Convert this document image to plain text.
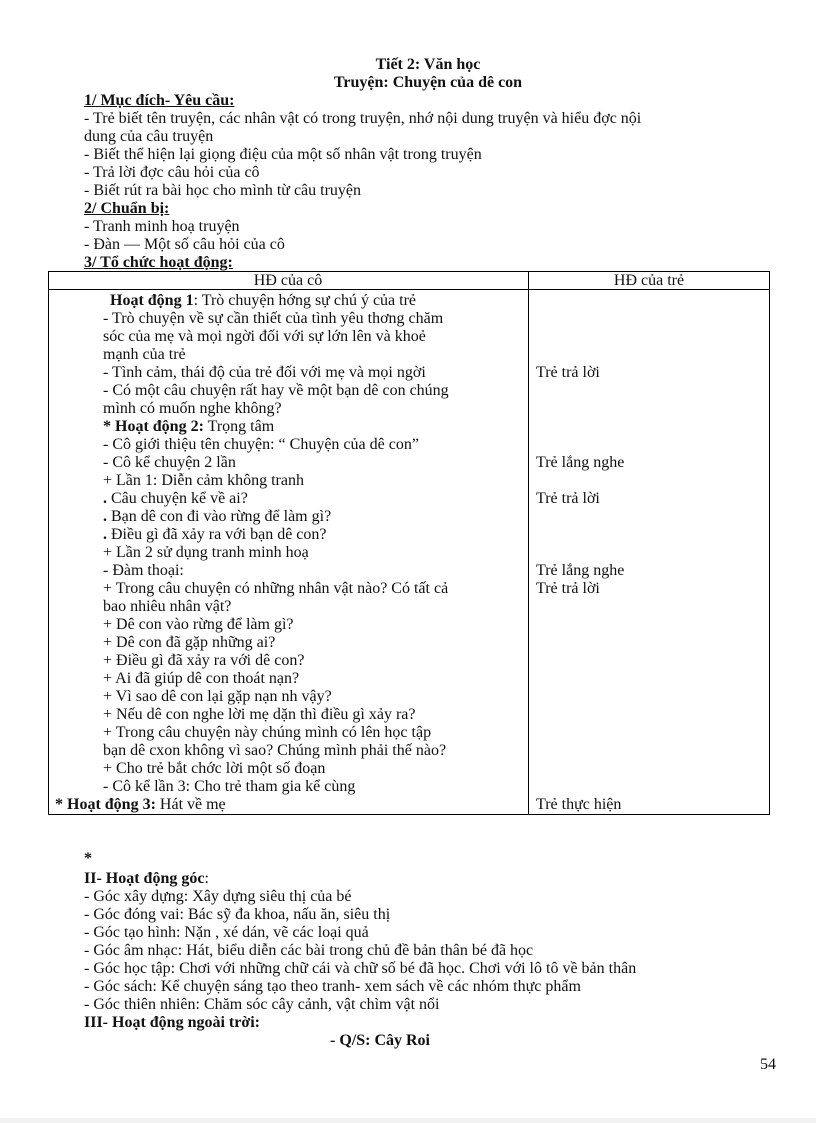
Tiết 2: Văn học
Truyện: Chuyện của dê con
1/ Mục đích- Yêu cầu:
- Trẻ biết tên truyện, các nhân vật có trong truyện, nhớ nội dung truyện và hiểu đợc nội
dung của câu truyện
- Biết thể hiện lại giọng điệu của một số nhân vật trong truyện
- Trả lời đợc câu hỏi của cô
- Biết rút ra bài học cho mình từ câu truyện
2/ Chuẩn bị:
- Tranh minh hoạ truyện
- Đàn — Một số câu hỏi của cô
3/ Tổ chức hoạt động:
HĐ của cô	HĐ của trẻ
Hoạt động 1: Trò chuyện hớng sự chú ý của trẻ
- Trò chuyện về sự cần thiết của tình yêu thơng chăm
sóc của mẹ và mọi ngời đối với sự lớn lên và khoẻ
mạnh của trẻ
- Tình cảm, thái độ của trẻ đối với mẹ và mọi ngời
- Có một câu chuyện rất hay về một bạn dê con chúng
mình có muốn nghe không?
* Hoạt động 2: Trọng tâm
- Cô giới thiệu tên chuyện: “ Chuyện của dê con”
- Cô kể chuyện 2 lần
+ Lần 1: Diễn cảm không tranh
. Câu chuyện kể về ai?
. Bạn dê con đi vào rừng để làm gì?
. Điều gì đã xảy ra với bạn dê con?
+ Lần 2 sử dụng tranh minh hoạ
- Đàm thoại:
+ Trong câu chuyện có những nhân vật nào? Có tất cả
bao nhiêu nhân vật?
+ Dê con vào rừng để làm gì?
+ Dê con đã gặp những ai?
+ Điều gì đã xảy ra với dê con?
+ Ai đã giúp dê con thoát nạn?
+ Vì sao dê con lại gặp nạn nh vậy?
+ Nếu dê con nghe lời mẹ dặn thì điều gì xảy ra?
+ Trong câu chuyện này chúng mình có lên học tập
bạn dê cxon không vì sao? Chúng mình phải thế nào?
+ Cho trẻ bắt chớc lời một số đoạn
- Cô kể lần 3: Cho trẻ tham gia kể cùng
* Hoạt động 3: Hát về mẹ
Trẻ trả lời
Trẻ lắng nghe
Trẻ trả lời
Trẻ lắng nghe
Trẻ trả lời
Trẻ thực hiện
*
II- Hoạt động góc:
- Góc xây dựng: Xây dựng siêu thị của bé
- Góc đóng vai: Bác sỹ đa khoa, nấu ăn, siêu thị
- Góc tạo hình: Nặn , xé dán, vẽ các loại quả
- Góc âm nhạc: Hát, biểu diễn các bài trong chủ đề bản thân bé đã học
- Góc học tập: Chơi với những chữ cái và chữ số bé đã học. Chơi với lô tô về bản thân
- Góc sách: Kể chuyện sáng tạo theo tranh- xem sách về các nhóm thực phẩm
- Góc thiên nhiên: Chăm sóc cây cảnh, vật chìm vật nổi
III- Hoạt động ngoài trời:
- Q/S: Cây Roi
54
